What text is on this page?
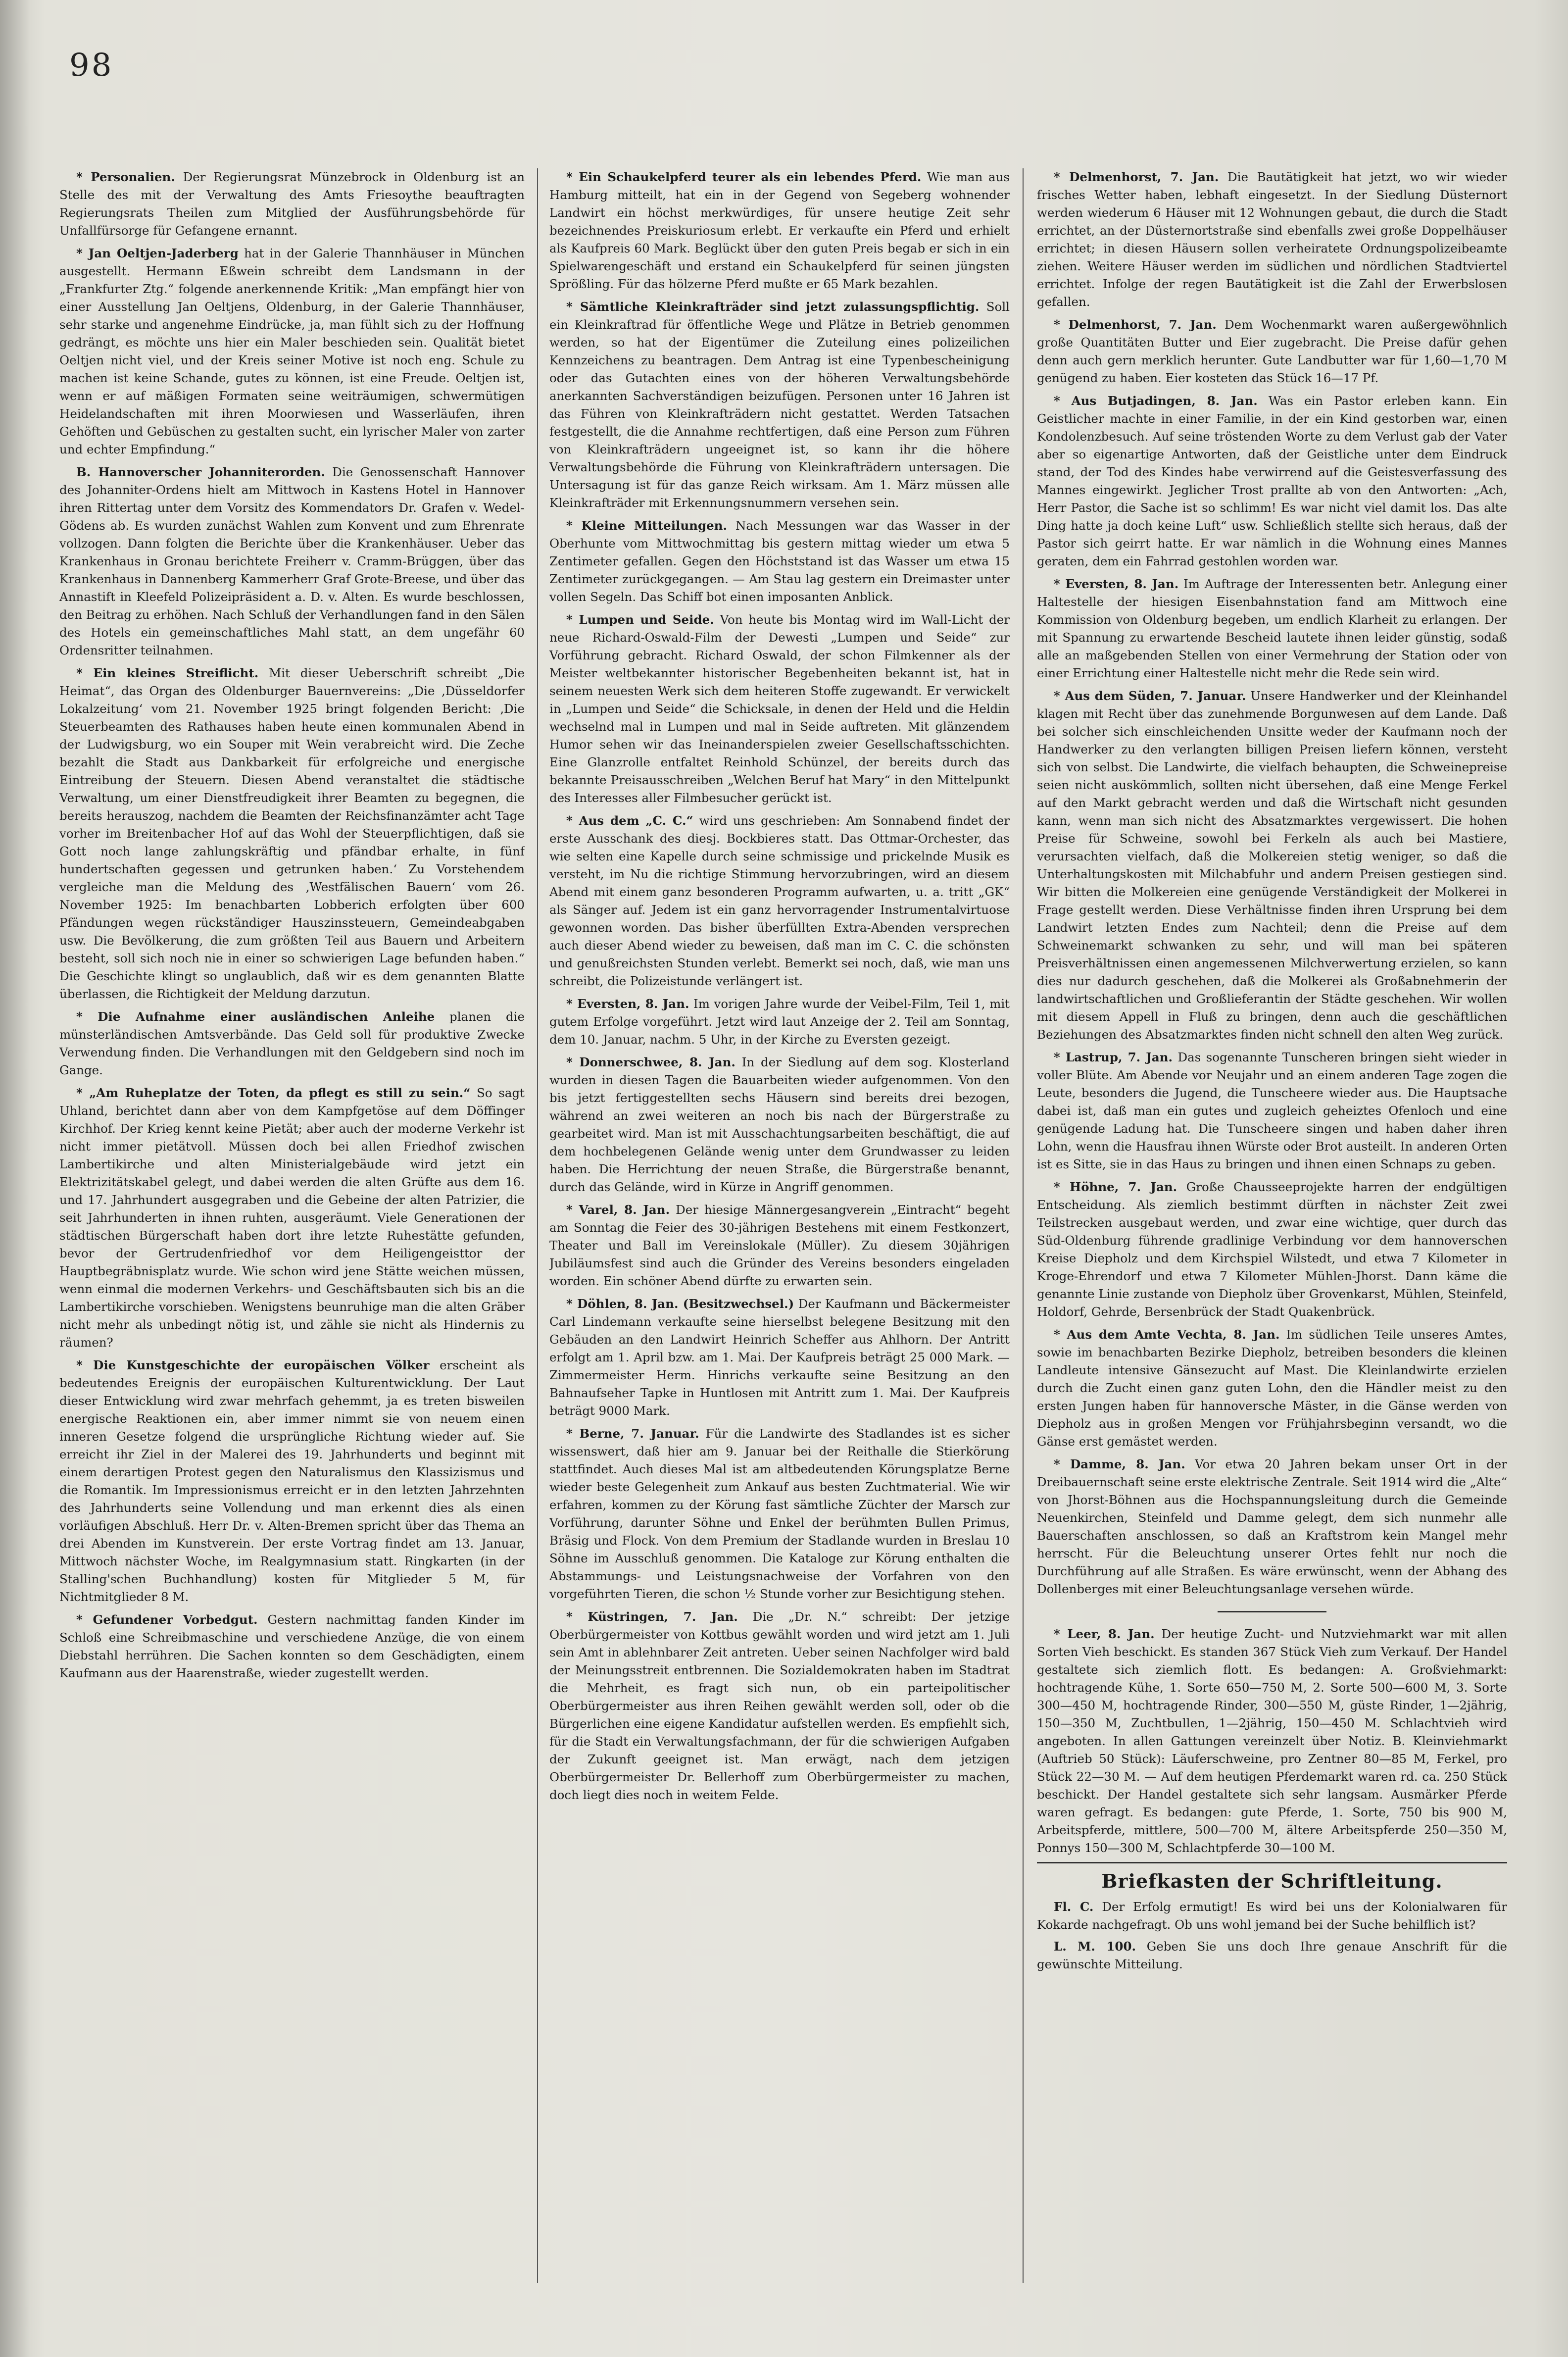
98

* Personalien. Der Regierungsrat Münzebrock in Oldenburg ist an Stelle des mit der Verwaltung des Amts Friesoythe beauftragten Regierungsrats Theilen zum Mitglied der Ausführungsbehörde für Unfallfürsorge für Gefangene ernannt.

* Jan Oeltjen-Jaderberg hat in der Galerie Thannhäuser in München ausgestellt. Hermann Eßwein schreibt dem Landsmann in der „Frankfurter Ztg.“ folgende anerkennende Kritik: „Man empfängt hier von einer Ausstellung Jan Oeltjens, Oldenburg, in der Galerie Thannhäuser, sehr starke und angenehme Eindrücke, ja, man fühlt sich zu der Hoffnung gedrängt, es möchte uns hier ein Maler beschieden sein. Qualität bietet Oeltjen nicht viel, und der Kreis seiner Motive ist noch eng. Schule zu machen ist keine Schande, gutes zu können, ist eine Freude. Oeltjen ist, wenn er auf mäßigen Formaten seine weiträumigen, schwermütigen Heidelandschaften mit ihren Moorwiesen und Wasserläufen, ihren Gehöften und Gebüschen zu gestalten sucht, ein lyrischer Maler von zarter und echter Empfindung.“

B. Hannoverscher Johanniterorden. Die Genossenschaft Hannover des Johanniter-Ordens hielt am Mittwoch in Kastens Hotel in Hannover ihren Rittertag unter dem Vorsitz des Kommendators Dr. Grafen v. Wedel-Gödens ab. Es wurden zunächst Wahlen zum Konvent und zum Ehrenrate vollzogen. Dann folgten die Berichte über die Krankenhäuser. Ueber das Krankenhaus in Gronau berichtete Freiherr v. Cramm-Brüggen, über das Krankenhaus in Dannenberg Kammerherr Graf Grote-Breese, und über das Annastift in Kleefeld Polizeipräsident a. D. v. Alten. Es wurde beschlossen, den Beitrag zu erhöhen. Nach Schluß der Verhandlungen fand in den Sälen des Hotels ein gemeinschaftliches Mahl statt, an dem ungefähr 60 Ordensritter teilnahmen.

* Ein kleines Streiflicht. Mit dieser Ueberschrift schreibt „Die Heimat“, das Organ des Oldenburger Bauernvereins: „Die ‚Düsseldorfer Lokalzeitung‘ vom 21. November 1925 bringt folgenden Bericht: ‚Die Steuerbeamten des Rathauses haben heute einen kommunalen Abend in der Ludwigsburg, wo ein Souper mit Wein verabreicht wird. Die Zeche bezahlt die Stadt aus Dankbarkeit für erfolgreiche und energische Eintreibung der Steuern. Diesen Abend veranstaltet die städtische Verwaltung, um einer Dienstfreudigkeit ihrer Beamten zu begegnen, die bereits herauszog, nachdem die Beamten der Reichsfinanzämter acht Tage vorher im Breitenbacher Hof auf das Wohl der Steuerpflichtigen, daß sie Gott noch lange zahlungskräftig und pfändbar erhalte, in fünf hundertschaften gegessen und getrunken haben.‘ Zu Vorstehendem vergleiche man die Meldung des ‚Westfälischen Bauern‘ vom 26. November 1925: Im benachbarten Lobberich erfolgten über 600 Pfändungen wegen rückständiger Hauszinssteuern, Gemeindeabgaben usw. Die Bevölkerung, die zum größten Teil aus Bauern und Arbeitern besteht, soll sich noch nie in einer so schwierigen Lage befunden haben.“ Die Geschichte klingt so unglaublich, daß wir es dem genannten Blatte überlassen, die Richtigkeit der Meldung darzutun.

* Die Aufnahme einer ausländischen Anleihe planen die münsterländischen Amtsverbände. Das Geld soll für produktive Zwecke Verwendung finden. Die Verhandlungen mit den Geldgebern sind noch im Gange.

* „Am Ruheplatze der Toten, da pflegt es still zu sein.“ So sagt Uhland, berichtet dann aber von dem Kampfgetöse auf dem Döffinger Kirchhof. Der Krieg kennt keine Pietät; aber auch der moderne Verkehr ist nicht immer pietätvoll. Müssen doch bei allen Friedhof zwischen Lambertikirche und alten Ministerialgebäude wird jetzt ein Elektrizitätskabel gelegt, und dabei werden die alten Grüfte aus dem 16. und 17. Jahrhundert ausgegraben und die Gebeine der alten Patrizier, die seit Jahrhunderten in ihnen ruhten, ausgeräumt. Viele Generationen der städtischen Bürgerschaft haben dort ihre letzte Ruhestätte gefunden, bevor der Gertrudenfriedhof vor dem Heiligengeisttor der Hauptbegräbnisplatz wurde. Wie schon wird jene Stätte weichen müssen, wenn einmal die modernen Verkehrs- und Geschäftsbauten sich bis an die Lambertikirche vorschieben. Wenigstens beunruhige man die alten Gräber nicht mehr als unbedingt nötig ist, und zähle sie nicht als Hindernis zu räumen?

* Die Kunstgeschichte der europäischen Völker erscheint als bedeutendes Ereignis der europäischen Kulturentwicklung. Der Laut dieser Entwicklung wird zwar mehrfach gehemmt, ja es treten bisweilen energische Reaktionen ein, aber immer nimmt sie von neuem einen inneren Gesetze folgend die ursprüngliche Richtung wieder auf. Sie erreicht ihr Ziel in der Malerei des 19. Jahrhunderts und beginnt mit einem derartigen Protest gegen den Naturalismus den Klassizismus und die Romantik. Im Impressionismus erreicht er in den letzten Jahrzehnten des Jahrhunderts seine Vollendung und man erkennt dies als einen vorläufigen Abschluß. Herr Dr. v. Alten-Bremen spricht über das Thema an drei Abenden im Kunstverein. Der erste Vortrag findet am 13. Januar, Mittwoch nächster Woche, im Realgymnasium statt. Ringkarten (in der Stalling'schen Buchhandlung) kosten für Mitglieder 5 M, für Nichtmitglieder 8 M.

* Gefundener Vorbedgut. Gestern nachmittag fanden Kinder im Schloß eine Schreibmaschine und verschiedene Anzüge, die von einem Diebstahl herrühren. Die Sachen konnten so dem Geschädigten, einem Kaufmann aus der Haarenstraße, wieder zugestellt werden.

* Ein Schaukelpferd teurer als ein lebendes Pferd. Wie man aus Hamburg mitteilt, hat ein in der Gegend von Segeberg wohnender Landwirt ein höchst merkwürdiges, für unsere heutige Zeit sehr bezeichnendes Preiskuriosum erlebt. Er verkaufte ein Pferd und erhielt als Kaufpreis 60 Mark. Beglückt über den guten Preis begab er sich in ein Spielwarengeschäft und erstand ein Schaukelpferd für seinen jüngsten Sprößling. Für das hölzerne Pferd mußte er 65 Mark bezahlen.

* Sämtliche Kleinkrafträder sind jetzt zulassungspflichtig. Soll ein Kleinkraftrad für öffentliche Wege und Plätze in Betrieb genommen werden, so hat der Eigentümer die Zuteilung eines polizeilichen Kennzeichens zu beantragen. Dem Antrag ist eine Typenbescheinigung oder das Gutachten eines von der höheren Verwaltungsbehörde anerkannten Sachverständigen beizufügen. Personen unter 16 Jahren ist das Führen von Kleinkrafträdern nicht gestattet. Werden Tatsachen festgestellt, die die Annahme rechtfertigen, daß eine Person zum Führen von Kleinkrafträdern ungeeignet ist, so kann ihr die höhere Verwaltungsbehörde die Führung von Kleinkrafträdern untersagen. Die Untersagung ist für das ganze Reich wirksam. Am 1. März müssen alle Kleinkrafträder mit Erkennungsnummern versehen sein.

* Kleine Mitteilungen. Nach Messungen war das Wasser in der Oberhunte vom Mittwochmittag bis gestern mittag wieder um etwa 5 Zentimeter gefallen. Gegen den Höchststand ist das Wasser um etwa 15 Zentimeter zurückgegangen. — Am Stau lag gestern ein Dreimaster unter vollen Segeln. Das Schiff bot einen imposanten Anblick.

* Lumpen und Seide. Von heute bis Montag wird im Wall-Licht der neue Richard-Oswald-Film der Dewesti „Lumpen und Seide“ zur Vorführung gebracht. Richard Oswald, der schon Filmkenner als der Meister weltbekannter historischer Begebenheiten bekannt ist, hat in seinem neuesten Werk sich dem heiteren Stoffe zugewandt. Er verwickelt in „Lumpen und Seide“ die Schicksale, in denen der Held und die Heldin wechselnd mal in Lumpen und mal in Seide auftreten. Mit glänzendem Humor sehen wir das Ineinanderspielen zweier Gesellschaftsschichten. Eine Glanzrolle entfaltet Reinhold Schünzel, der bereits durch das bekannte Preisausschreiben „Welchen Beruf hat Mary“ in den Mittelpunkt des Interesses aller Filmbesucher gerückt ist.

* Aus dem „C. C.“ wird uns geschrieben: Am Sonnabend findet der erste Ausschank des diesj. Bockbieres statt. Das Ottmar-Orchester, das wie selten eine Kapelle durch seine schmissige und prickelnde Musik es versteht, im Nu die richtige Stimmung hervorzubringen, wird an diesem Abend mit einem ganz besonderen Programm aufwarten, u. a. tritt „GK“ als Sänger auf. Jedem ist ein ganz hervorragender Instrumentalvirtuose gewonnen worden. Das bisher überfüllten Extra-Abenden versprechen auch dieser Abend wieder zu beweisen, daß man im C. C. die schönsten und genußreichsten Stunden verlebt. Bemerkt sei noch, daß, wie man uns schreibt, die Polizeistunde verlängert ist.

* Eversten, 8. Jan. Im vorigen Jahre wurde der Veibel-Film, Teil 1, mit gutem Erfolge vorgeführt. Jetzt wird laut Anzeige der 2. Teil am Sonntag, dem 10. Januar, nachm. 5 Uhr, in der Kirche zu Eversten gezeigt.

* Donnerschwee, 8. Jan. In der Siedlung auf dem sog. Klosterland wurden in diesen Tagen die Bauarbeiten wieder aufgenommen. Von den bis jetzt fertiggestellten sechs Häusern sind bereits drei bezogen, während an zwei weiteren an noch bis nach der Bürgerstraße zu gearbeitet wird. Man ist mit Ausschachtungsarbeiten beschäftigt, die auf dem hochbelegenen Gelände wenig unter dem Grundwasser zu leiden haben. Die Herrichtung der neuen Straße, die Bürgerstraße benannt, durch das Gelände, wird in Kürze in Angriff genommen.

* Varel, 8. Jan. Der hiesige Männergesangverein „Eintracht“ begeht am Sonntag die Feier des 30-jährigen Bestehens mit einem Festkonzert, Theater und Ball im Vereinslokale (Müller). Zu diesem 30jährigen Jubiläumsfest sind auch die Gründer des Vereins besonders eingeladen worden. Ein schöner Abend dürfte zu erwarten sein.

* Döhlen, 8. Jan. (Besitzwechsel.) Der Kaufmann und Bäckermeister Carl Lindemann verkaufte seine hierselbst belegene Besitzung mit den Gebäuden an den Landwirt Heinrich Scheffer aus Ahlhorn. Der Antritt erfolgt am 1. April bzw. am 1. Mai. Der Kaufpreis beträgt 25 000 Mark. — Zimmermeister Herm. Hinrichs verkaufte seine Besitzung an den Bahnaufseher Tapke in Huntlosen mit Antritt zum 1. Mai. Der Kaufpreis beträgt 9000 Mark.

* Berne, 7. Januar. Für die Landwirte des Stadlandes ist es sicher wissenswert, daß hier am 9. Januar bei der Reithalle die Stierkörung stattfindet. Auch dieses Mal ist am altbedeutenden Körungsplatze Berne wieder beste Gelegenheit zum Ankauf aus besten Zuchtmaterial. Wie wir erfahren, kommen zu der Körung fast sämtliche Züchter der Marsch zur Vorführung, darunter Söhne und Enkel der berühmten Bullen Primus, Bräsig und Flock. Von dem Premium der Stadlande wurden in Breslau 10 Söhne im Ausschluß genommen. Die Kataloge zur Körung enthalten die Abstammungs- und Leistungsnachweise der Vorfahren von den vorgeführten Tieren, die schon ½ Stunde vorher zur Besichtigung stehen.

* Küstringen, 7. Jan. Die „Dr. N.“ schreibt: Der jetzige Oberbürgermeister von Kottbus gewählt worden und wird jetzt am 1. Juli sein Amt in ablehnbarer Zeit antreten. Ueber seinen Nachfolger wird bald der Meinungsstreit entbrennen. Die Sozialdemokraten haben im Stadtrat die Mehrheit, es fragt sich nun, ob ein parteipolitischer Oberbürgermeister aus ihren Reihen gewählt werden soll, oder ob die Bürgerlichen eine eigene Kandidatur aufstellen werden. Es empfiehlt sich, für die Stadt ein Verwaltungsfachmann, der für die schwierigen Aufgaben der Zukunft geeignet ist. Man erwägt, nach dem jetzigen Oberbürgermeister Dr. Bellerhoff zum Oberbürgermeister zu machen, doch liegt dies noch in weitem Felde.

* Delmenhorst, 7. Jan. Die Bautätigkeit hat jetzt, wo wir wieder frisches Wetter haben, lebhaft eingesetzt. In der Siedlung Düsternort werden wiederum 6 Häuser mit 12 Wohnungen gebaut, die durch die Stadt errichtet, an der Düsternortstraße sind ebenfalls zwei große Doppelhäuser errichtet; in diesen Häusern sollen verheiratete Ordnungspolizeibeamte ziehen. Weitere Häuser werden im südlichen und nördlichen Stadtviertel errichtet. Infolge der regen Bautätigkeit ist die Zahl der Erwerbslosen gefallen.

* Delmenhorst, 7. Jan. Dem Wochenmarkt waren außergewöhnlich große Quantitäten Butter und Eier zugebracht. Die Preise dafür gehen denn auch gern merklich herunter. Gute Landbutter war für 1,60—1,70 M genügend zu haben. Eier kosteten das Stück 16—17 Pf.

* Aus Butjadingen, 8. Jan. Was ein Pastor erleben kann. Ein Geistlicher machte in einer Familie, in der ein Kind gestorben war, einen Kondolenzbesuch. Auf seine tröstenden Worte zu dem Verlust gab der Vater aber so eigenartige Antworten, daß der Geistliche unter dem Eindruck stand, der Tod des Kindes habe verwirrend auf die Geistesverfassung des Mannes eingewirkt. Jeglicher Trost prallte ab von den Antworten: „Ach, Herr Pastor, die Sache ist so schlimm! Es war nicht viel damit los. Das alte Ding hatte ja doch keine Luft“ usw. Schließlich stellte sich heraus, daß der Pastor sich geirrt hatte. Er war nämlich in die Wohnung eines Mannes geraten, dem ein Fahrrad gestohlen worden war.

* Eversten, 8. Jan. Im Auftrage der Interessenten betr. Anlegung einer Haltestelle der hiesigen Eisenbahnstation fand am Mittwoch eine Kommission von Oldenburg begeben, um endlich Klarheit zu erlangen. Der mit Spannung zu erwartende Bescheid lautete ihnen leider günstig, sodaß alle an maßgebenden Stellen von einer Vermehrung der Station oder von einer Errichtung einer Haltestelle nicht mehr die Rede sein wird.

* Aus dem Süden, 7. Januar. Unsere Handwerker und der Kleinhandel klagen mit Recht über das zunehmende Borgunwesen auf dem Lande. Daß bei solcher sich einschleichenden Unsitte weder der Kaufmann noch der Handwerker zu den verlangten billigen Preisen liefern können, versteht sich von selbst. Die Landwirte, die vielfach behaupten, die Schweinepreise seien nicht auskömmlich, sollten nicht übersehen, daß eine Menge Ferkel auf den Markt gebracht werden und daß die Wirtschaft nicht gesunden kann, wenn man sich nicht des Absatzmarktes vergewissert. Die hohen Preise für Schweine, sowohl bei Ferkeln als auch bei Mastiere, verursachten vielfach, daß die Molkereien stetig weniger, so daß die Unterhaltungskosten mit Milchabfuhr und andern Preisen gestiegen sind. Wir bitten die Molkereien eine genügende Verständigkeit der Molkerei in Frage gestellt werden. Diese Verhältnisse finden ihren Ursprung bei dem Landwirt letzten Endes zum Nachteil; denn die Preise auf dem Schweinemarkt schwanken zu sehr, und will man bei späteren Preisverhältnissen einen angemessenen Milchverwertung erzielen, so kann dies nur dadurch geschehen, daß die Molkerei als Großabnehmerin der landwirtschaftlichen und Großlieferantin der Städte geschehen. Wir wollen mit diesem Appell in Fluß zu bringen, denn auch die geschäftlichen Beziehungen des Absatzmarktes finden nicht schnell den alten Weg zurück.

* Lastrup, 7. Jan. Das sogenannte Tunscheren bringen sieht wieder in voller Blüte. Am Abende vor Neujahr und an einem anderen Tage zogen die Leute, besonders die Jugend, die Tunscheere wieder aus. Die Hauptsache dabei ist, daß man ein gutes und zugleich geheiztes Ofenloch und eine genügende Ladung hat. Die Tunscheere singen und haben daher ihren Lohn, wenn die Hausfrau ihnen Würste oder Brot austeilt. In anderen Orten ist es Sitte, sie in das Haus zu bringen und ihnen einen Schnaps zu geben.

* Höhne, 7. Jan. Große Chausseeprojekte harren der endgültigen Entscheidung. Als ziemlich bestimmt dürften in nächster Zeit zwei Teilstrecken ausgebaut werden, und zwar eine wichtige, quer durch das Süd-Oldenburg führende gradlinige Verbindung vor dem hannoverschen Kreise Diepholz und dem Kirchspiel Wilstedt, und etwa 7 Kilometer in Kroge-Ehrendorf und etwa 7 Kilometer Mühlen-Jhorst. Dann käme die genannte Linie zustande von Diepholz über Grovenkarst, Mühlen, Steinfeld, Holdorf, Gehrde, Bersenbrück der Stadt Quakenbrück.

* Aus dem Amte Vechta, 8. Jan. Im südlichen Teile unseres Amtes, sowie im benachbarten Bezirke Diepholz, betreiben besonders die kleinen Landleute intensive Gänsezucht auf Mast. Die Kleinlandwirte erzielen durch die Zucht einen ganz guten Lohn, den die Händler meist zu den ersten Jungen haben für hannoversche Mäster, in die Gänse werden von Diepholz aus in großen Mengen vor Frühjahrsbeginn versandt, wo die Gänse erst gemästet werden.

* Damme, 8. Jan. Vor etwa 20 Jahren bekam unser Ort in der Dreibauernschaft seine erste elektrische Zentrale. Seit 1914 wird die „Alte“ von Jhorst-Böhnen aus die Hochspannungsleitung durch die Gemeinde Neuenkirchen, Steinfeld und Damme gelegt, dem sich nunmehr alle Bauerschaften anschlossen, so daß an Kraftstrom kein Mangel mehr herrscht. Für die Beleuchtung unserer Ortes fehlt nur noch die Durchführung auf alle Straßen. Es wäre erwünscht, wenn der Abhang des Dollenberges mit einer Beleuchtungsanlage versehen würde.

* Leer, 8. Jan. Der heutige Zucht- und Nutzviehmarkt war mit allen Sorten Vieh beschickt. Es standen 367 Stück Vieh zum Verkauf. Der Handel gestaltete sich ziemlich flott. Es bedangen: A. Großviehmarkt: hochtragende Kühe, 1. Sorte 650—750 M, 2. Sorte 500—600 M, 3. Sorte 300—450 M, hochtragende Rinder, 300—550 M, güste Rinder, 1—2jährig, 150—350 M, Zuchtbullen, 1—2jährig, 150—450 M. Schlachtvieh wird angeboten. In allen Gattungen vereinzelt über Notiz. B. Kleinviehmarkt (Auftrieb 50 Stück): Läuferschweine, pro Zentner 80—85 M, Ferkel, pro Stück 22—30 M. — Auf dem heutigen Pferdemarkt waren rd. ca. 250 Stück beschickt. Der Handel gestaltete sich sehr langsam. Ausmärker Pferde waren gefragt. Es bedangen: gute Pferde, 1. Sorte, 750 bis 900 M, Arbeitspferde, mittlere, 500—700 M, ältere Arbeitspferde 250—350 M, Ponnys 150—300 M, Schlachtpferde 30—100 M.

Briefkasten der Schriftleitung.

Fl. C. Der Erfolg ermutigt! Es wird bei uns der Kolonialwaren für Kokarde nachgefragt. Ob uns wohl jemand bei der Suche behilflich ist?

L. M. 100. Geben Sie uns doch Ihre genaue Anschrift für die gewünschte Mitteilung.
